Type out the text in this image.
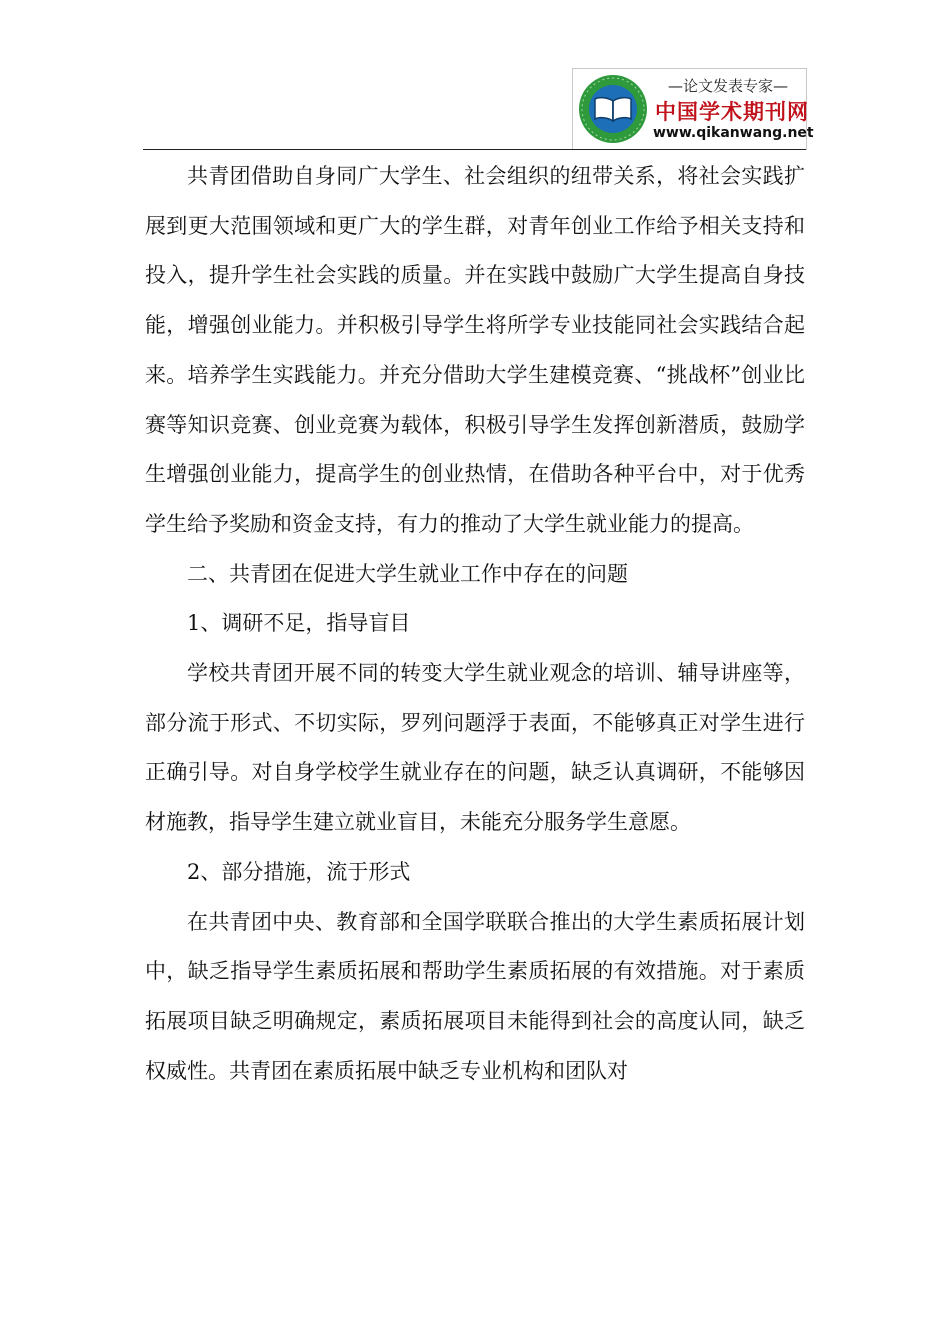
—论文发表专家—
中国学术期刊网
www.qikanwang.net

共青团借助自身同广大学生、社会组织的纽带关系，将社会实践扩展到更大范围领域和更广大的学生群，对青年创业工作给予相关支持和投入，提升学生社会实践的质量。并在实践中鼓励广大学生提高自身技能，增强创业能力。并积极引导学生将所学专业技能同社会实践结合起来。培养学生实践能力。并充分借助大学生建模竞赛、“挑战杯”创业比赛等知识竞赛、创业竞赛为载体，积极引导学生发挥创新潜质，鼓励学生增强创业能力，提高学生的创业热情，在借助各种平台中，对于优秀学生给予奖励和资金支持，有力的推动了大学生就业能力的提高。

二、共青团在促进大学生就业工作中存在的问题

1、调研不足，指导盲目

学校共青团开展不同的转变大学生就业观念的培训、辅导讲座等，部分流于形式、不切实际，罗列问题浮于表面，不能够真正对学生进行正确引导。对自身学校学生就业存在的问题，缺乏认真调研，不能够因材施教，指导学生建立就业盲目，未能充分服务学生意愿。

2、部分措施，流于形式

在共青团中央、教育部和全国学联联合推出的大学生素质拓展计划中，缺乏指导学生素质拓展和帮助学生素质拓展的有效措施。对于素质拓展项目缺乏明确规定，素质拓展项目未能得到社会的高度认同，缺乏权威性。共青团在素质拓展中缺乏专业机构和团队对
